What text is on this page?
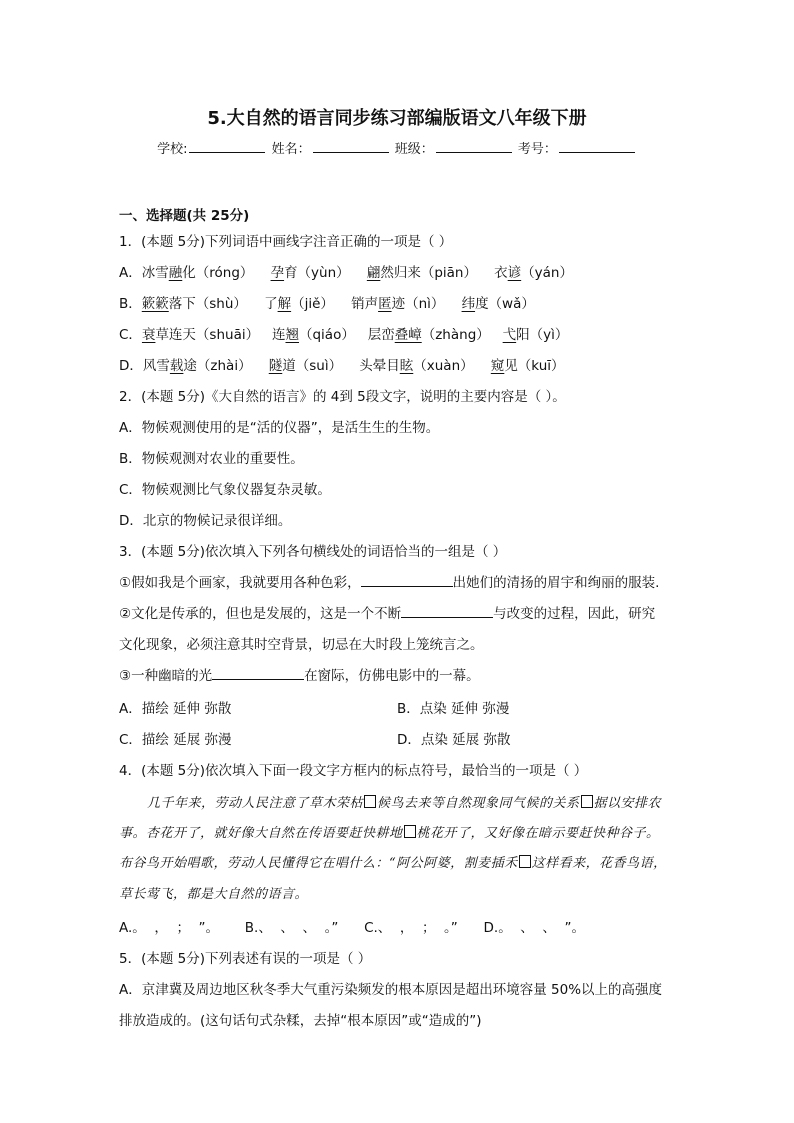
5.大自然的语言同步练习部编版语文八年级下册
学校:	姓名：	班级：	考号：
一、选择题(共 25分)
1．(本题 5分)下列词语中画线字注音正确的一项是（ ）
A．冰雪融化（róng） 孕育（yùn） 翩然归来（piān） 衣谚（yán）
B．簌簌落下（shù） 了解（jiě） 销声匿迹（nì） 纬度（wǎ）
C．衰草连天（shuāi） 连翘（qiáo） 层峦叠嶂（zhàng） 弋阳（yì）
D．风雪载途（zhài） 隧道（suì） 头晕目眩（xuàn） 窥见（kuī）
2．(本题 5分)《大自然的语言》的 4到 5段文字，说明的主要内容是（ ）。
A．物候观测使用的是“活的仪器”，是活生生的生物。
B．物候观测对农业的重要性。
C．物候观测比气象仪器复杂灵敏。
D．北京的物候记录很详细。
3．(本题 5分)依次填入下列各句横线处的词语恰当的一组是（ ）
①假如我是个画家，我就要用各种色彩，	出她们的清扬的眉宇和绚丽的服装.
②文化是传承的，但也是发展的，这是一个不断	与改变的过程，因此，研究
文化现象，必须注意其时空背景，切忌在大时段上笼统言之。
③一种幽暗的光	在窗际，仿佛电影中的一幕。
A．描绘 延伸 弥散	B．点染 延伸 弥漫
C．描绘 延展 弥漫	D．点染 延展 弥散
4．(本题 5分)依次填入下面一段文字方框内的标点符号，最恰当的一项是（ ）
几千年来，劳动人民注意了草木荣枯 候鸟去来等自然现象同气候的关系 据以安排农
事。杏花开了，就好像大自然在传语要赶快耕地 桃花开了，又好像在暗示要赶快种谷子。
布谷鸟开始唱歌，劳动人民懂得它在唱什么：“阿公阿婆，割麦插禾 这样看来，花香鸟语，
草长莺飞，都是大自然的语言。
A.。  ，  ；  ”。      B.、  、  、  。”      C.、  ，  ；  。”      D.。  、  、  ”。
5．(本题 5分)下列表述有误的一项是（ ）
A．京津冀及周边地区秋冬季大气重污染频发的根本原因是超出环境容量 50%以上的高强度
排放造成的。(这句话句式杂糅，去掉“根本原因”或“造成的”)
